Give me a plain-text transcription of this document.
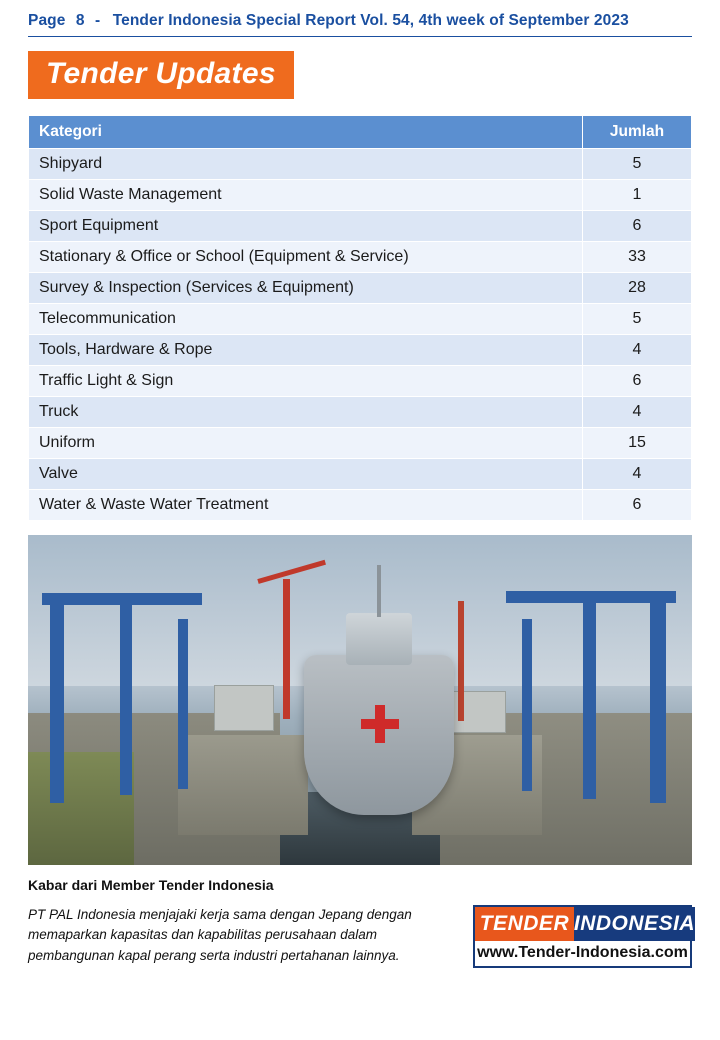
Page 8 - Tender Indonesia Special Report Vol. 54, 4th week of September 2023
Tender Updates
Kategori	Jumlah
Shipyard	5
Solid Waste Management	1
Sport Equipment	6
Stationary & Office or School (Equipment & Service)	33
Survey & Inspection (Services & Equipment)	28
Telecommunication	5
Tools, Hardware & Rope	4
Traffic Light & Sign	6
Truck	4
Uniform	15
Valve	4
Water & Waste Water Treatment	6
Kabar dari Member Tender Indonesia
PT PAL Indonesia menjajaki kerja sama dengan Jepang dengan memaparkan kapasitas dan kapabilitas perusahaan dalam pembangunan kapal perang serta industri pertahanan lainnya.
TENDER INDONESIA
www.Tender-Indonesia.com
